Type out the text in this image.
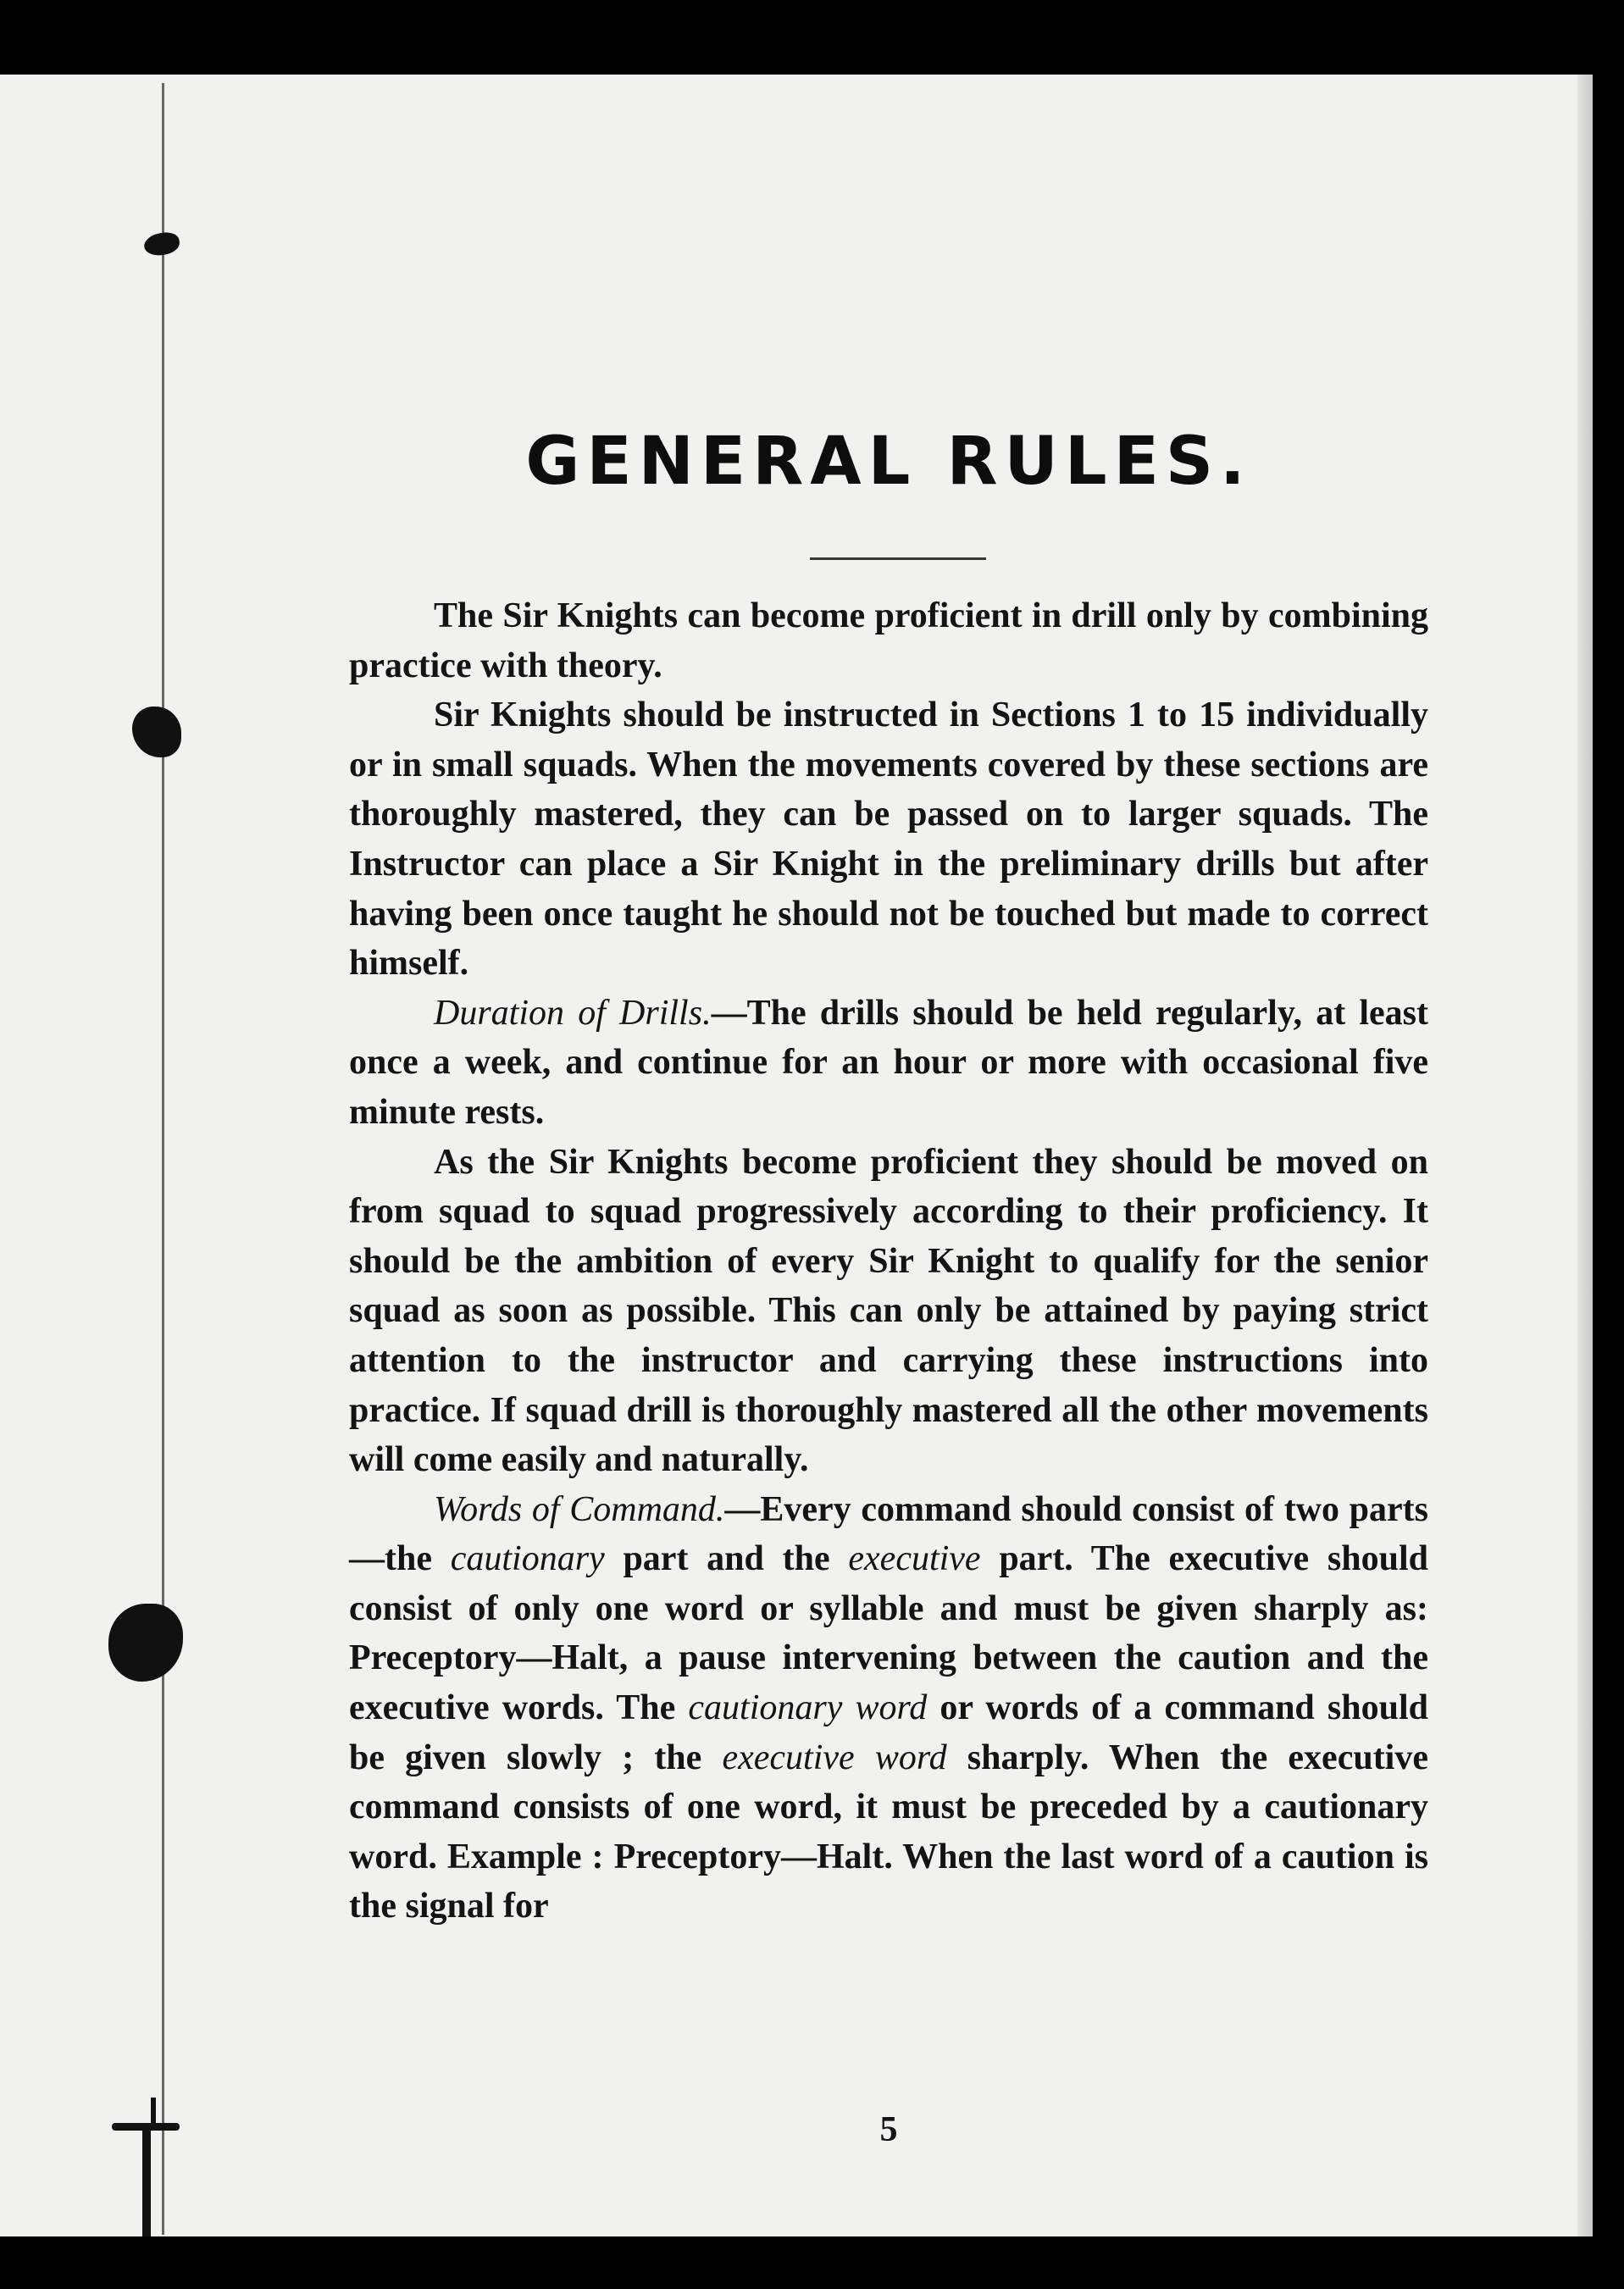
GENERAL RULES.

The Sir Knights can become proficient in drill only by combining practice with theory.

Sir Knights should be instructed in Sections 1 to 15 individually or in small squads. When the movements covered by these sections are thoroughly mastered, they can be passed on to larger squads. The Instructor can place a Sir Knight in the preliminary drills but after having been once taught he should not be touched but made to correct himself.

Duration of Drills.—The drills should be held regularly, at least once a week, and continue for an hour or more with occasional five minute rests.

As the Sir Knights become proficient they should be moved on from squad to squad progressively according to their proficiency. It should be the ambition of every Sir Knight to qualify for the senior squad as soon as possible. This can only be attained by paying strict attention to the instructor and carrying these instructions into practice. If squad drill is thoroughly mastered all the other movements will come easily and naturally.

Words of Command.—Every command should consist of two parts—the cautionary part and the executive part. The executive should consist of only one word or syllable and must be given sharply as: Preceptory—Halt, a pause intervening between the caution and the executive words. The cautionary word or words of a command should be given slowly ; the executive word sharply. When the executive command consists of one word, it must be preceded by a cautionary word. Example : Preceptory—Halt. When the last word of a caution is the signal for

5
